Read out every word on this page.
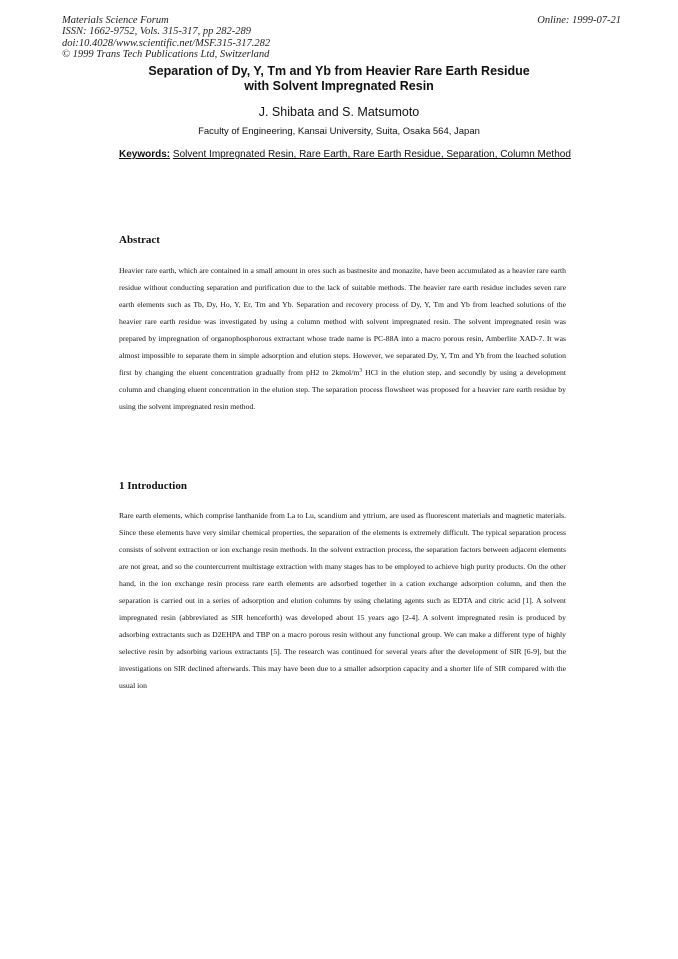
Materials Science Forum
ISSN: 1662-9752, Vols. 315-317, pp 282-289
doi:10.4028/www.scientific.net/MSF.315-317.282
© 1999 Trans Tech Publications Ltd, Switzerland
Online: 1999-07-21
Separation of Dy, Y, Tm and Yb from Heavier Rare Earth Residue
with Solvent Impregnated Resin
J. Shibata and S. Matsumoto
Faculty of Engineering, Kansai University, Suita, Osaka 564, Japan
Keywords: Solvent Impregnated Resin, Rare Earth, Rare Earth Residue, Separation, Column Method
Abstract
Heavier rare earth, which are contained in a small amount in ores such as bastnesite and monazite, have been accumulated as a heavier rare earth residue without conducting separation and purification due to the lack of suitable methods. The heavier rare earth residue includes seven rare earth elements such as Tb, Dy, Ho, Y, Er, Tm and Yb. Separation and recovery process of Dy, Y, Tm and Yb from leached solutions of the heavier rare earth residue was investigated by using a column method with solvent impregnated resin. The solvent impregnated resin was prepared by impregnation of organophosphorous extractant whose trade name is PC-88A into a macro porous resin, Amberlite XAD-7. It was almost impossible to separate them in simple adsorption and elution steps. However, we separated Dy, Y, Tm and Yb from the leached solution first by changing the eluent concentration gradually from pH2 to $2kmol/m^3$ HCl in the elution step, and secondly by using a development column and changing eluent concentration in the elution step. The separation process flowsheet was proposed for a heavier rare earth residue by using the solvent impregnated resin method.
1 Introduction
Rare earth elements, which comprise lanthanide from La to Lu, scandium and yttrium, are used as fluorescent materials and magnetic materials. Since these elements have very similar chemical properties, the separation of the elements is extremely difficult. The typical separation process consists of solvent extraction or ion exchange resin methods. In the solvent extraction process, the separation factors between adjacent elements are not great, and so the countercurrent multistage extraction with many stages has to be employed to achieve high purity products. On the other hand, in the ion exchange resin process rare earth elements are adsorbed together in a cation exchange adsorption column, and then the separation is carried out in a series of adsorption and elution columns by using chelating agents such as EDTA and citric acid [1]. A solvent impregnated resin (abbreviated as SIR henceforth) was developed about 15 years ago [2-4]. A solvent impregnated resin is produced by adsorbing extractants such as D2EHPA and TBP on a macro porous resin without any functional group. We can make a different type of highly selective resin by adsorbing various extractants [5]. The research was continued for several years after the development of SIR [6-9], but the investigations on SIR declined afterwards. This may have been due to a smaller adsorption capacity and a shorter life of SIR compared with the usual ion
